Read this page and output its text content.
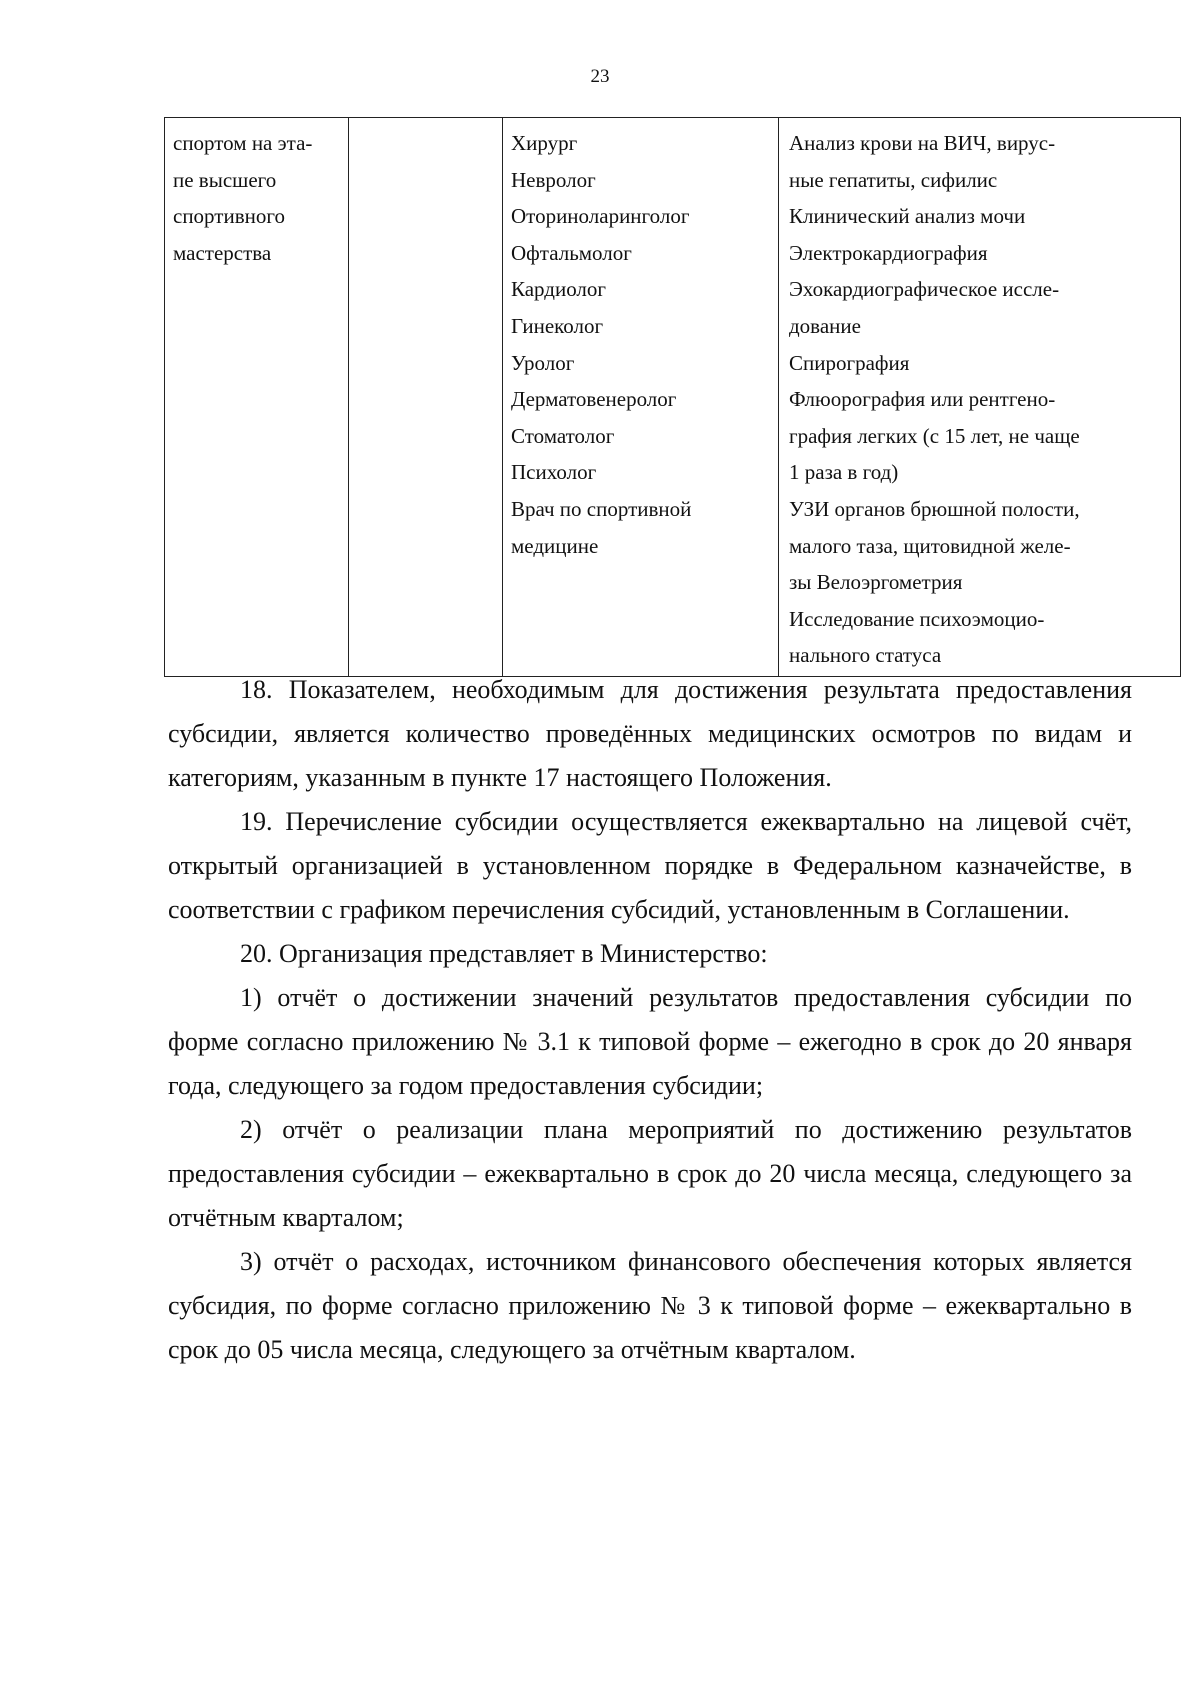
23
спортом на эта-
пе высшего
спортивного
мастерства

Хирург
Невролог
Оториноларинголог
Офтальмолог
Кардиолог
Гинеколог
Уролог
Дерматовенеролог
Стоматолог
Психолог
Врач по спортивной
медицине

Анализ крови на ВИЧ, вирус-
ные гепатиты, сифилис
Клинический анализ мочи
Электрокардиография
Эхокардиографическое иссле-
дование
Спирография
Флюорография или рентгено-
графия легких (с 15 лет, не чаще
1 раза в год)
УЗИ органов брюшной полости,
малого таза, щитовидной желе-
зы Велоэргометрия
Исследование психоэмоцио-
нального статуса

18. Показателем, необходимым для достижения результата предоставления субсидии, является количество проведённых медицинских осмотров по видам и категориям, указанным в пункте 17 настоящего Положения.

19. Перечисление субсидии осуществляется ежеквартально на лицевой счёт, открытый организацией в установленном порядке в Федеральном казначействе, в соответствии с графиком перечисления субсидий, установленным в Соглашении.

20. Организация представляет в Министерство:

1) отчёт о достижении значений результатов предоставления субсидии по форме согласно приложению № 3.1 к типовой форме – ежегодно в срок до 20 января года, следующего за годом предоставления субсидии;

2) отчёт о реализации плана мероприятий по достижению результатов предоставления субсидии – ежеквартально в срок до 20 числа месяца, следующего за отчётным кварталом;

3) отчёт о расходах, источником финансового обеспечения которых является субсидия, по форме согласно приложению № 3 к типовой форме – ежеквартально в срок до 05 числа месяца, следующего за отчётным кварталом.
